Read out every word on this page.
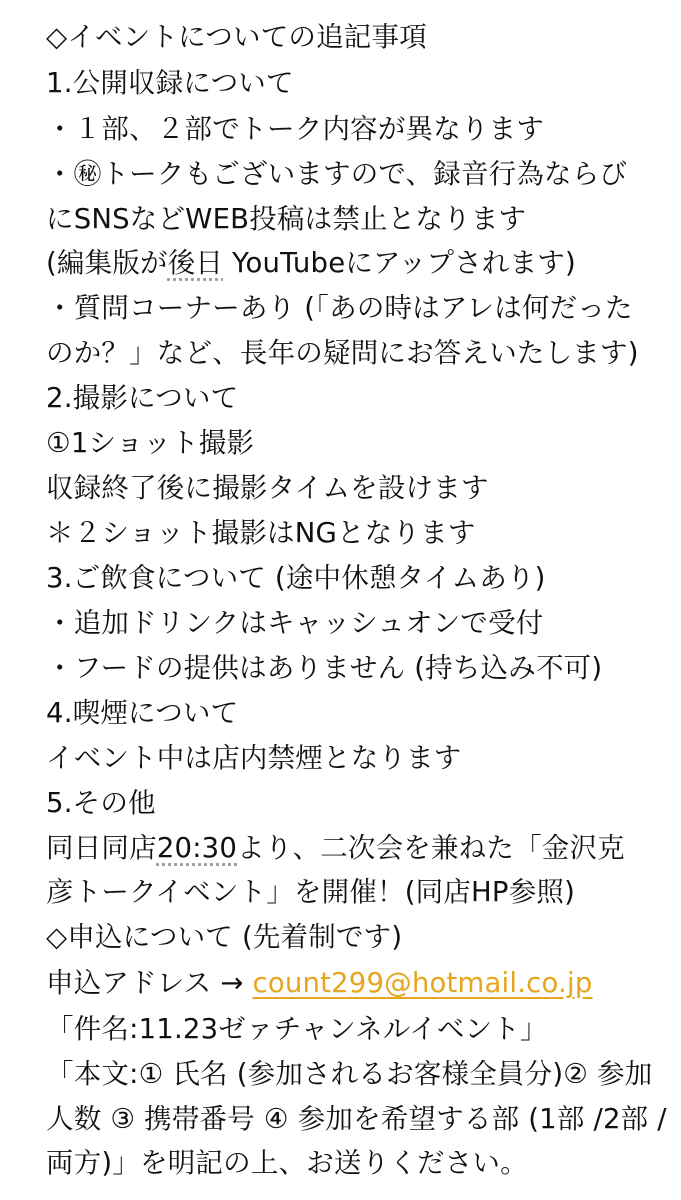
◇イベントについての追記事項
1.公開収録について
・１部、２部でトーク内容が異なります
・㊙トークもございますので、録音行為ならび
にSNSなどWEB投稿は禁止となります
(編集版が後日 YouTubeにアップされます)
・質問コーナーあり (「あの時はアレは何だった
のか？」など、長年の疑問にお答えいたします)
2.撮影について
①1ショット撮影
収録終了後に撮影タイムを設けます
＊２ショット撮影はNGとなります
3.ご飲食について (途中休憩タイムあり)
・追加ドリンクはキャッシュオンで受付
・フードの提供はありません (持ち込み不可)
4.喫煙について
イベント中は店内禁煙となります
5.その他
同日同店20:30より、二次会を兼ねた「金沢克
彦トークイベント」を開催！(同店HP参照)
◇申込について (先着制です)
申込アドレス → count299@hotmail.co.jp
「件名:11.23ゼァチャンネルイベント」
「本文:① 氏名 (参加されるお客様全員分)② 参加
人数 ③ 携帯番号 ④ 参加を希望する部 (1部 /2部 /
両方)」を明記の上、お送りください。
